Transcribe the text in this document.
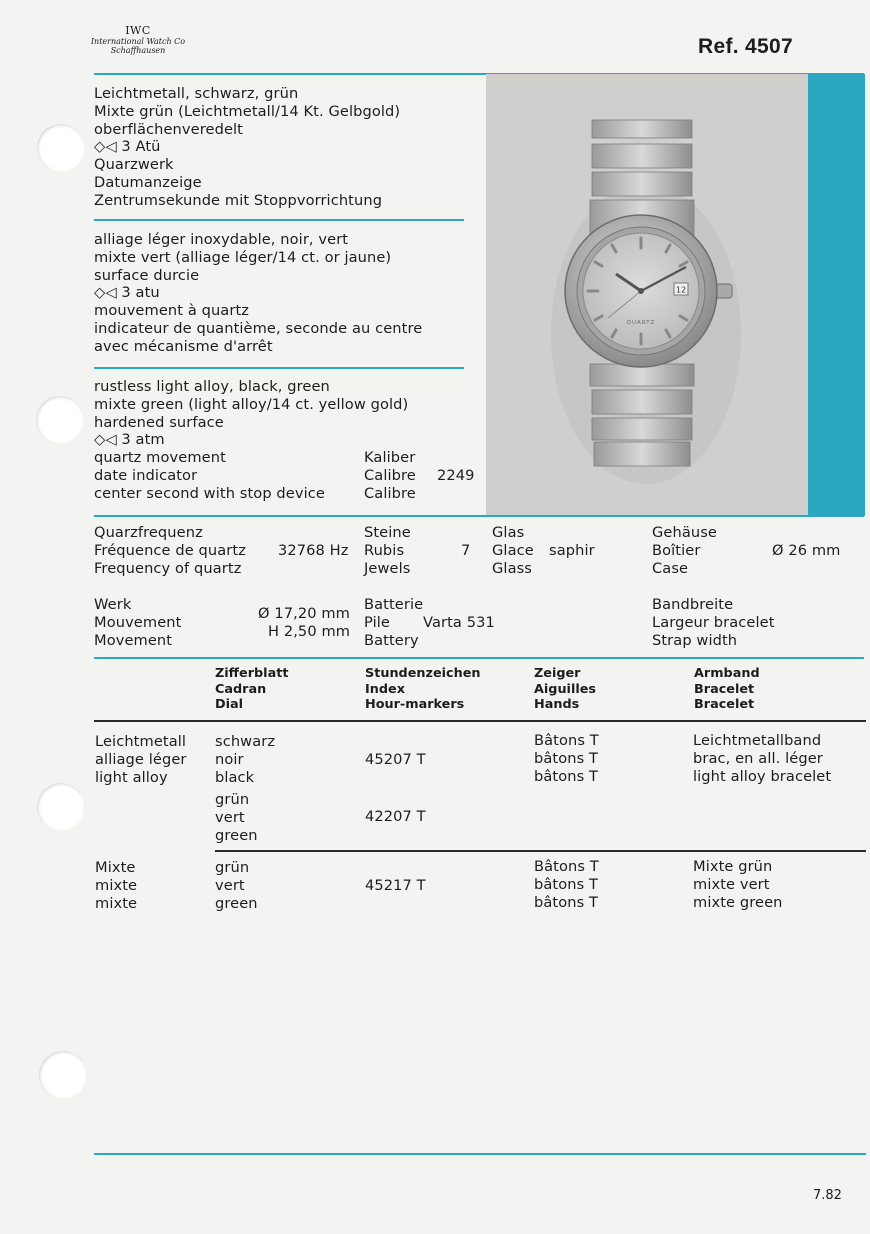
IWC
International Watch Co
Schaffhausen	Ref. 4507
12
QUARTZ
Leichtmetall, schwarz, grün
Mixte grün (Leichtmetall/14 Kt. Gelbgold)
oberflächenveredelt
◇◁ 3 Atü
Quarzwerk
Datumanzeige
Zentrumsekunde mit Stoppvorrichtung
alliage léger inoxydable, noir, vert
mixte vert (alliage léger/14 ct. or jaune)
surface durcie
◇◁ 3 atu
mouvement à quartz
indicateur de quantième, seconde au centre
avec mécanisme d'arrêt
rustless light alloy, black, green
mixte green (light alloy/14 ct. yellow gold)
hardened surface
◇◁ 3 atm
quartz movement
date indicator
center second with stop device
Kaliber
Calibre
Calibre
2249
Quarzfrequenz
Fréquence de quartz
Frequency of quartz
32768 Hz
Steine
Rubis
Jewels
7
Glas
Glace
Glass
saphir
Gehäuse
Boîtier
Case
Ø 26 mm
Werk
Mouvement
Movement
Ø 17,20 mm
H 2,50 mm
Batterie
Pile
Battery
Varta 531
Bandbreite
Largeur bracelet
Strap width
Zifferblatt
Cadran
Dial
Stundenzeichen
Index
Hour-markers
Zeiger
Aiguilles
Hands
Armband
Bracelet
Bracelet
Leichtmetall
alliage léger
light alloy
schwarz
noir
black
45207 T
grün
vert
green
42207 T
Bâtons T
bâtons T
bâtons T
Leichtmetallband
brac, en all. léger
light alloy bracelet
Mixte
mixte
mixte
grün
vert
green
45217 T
Bâtons T
bâtons T
bâtons T
Mixte grün
mixte vert
mixte green
7.82
